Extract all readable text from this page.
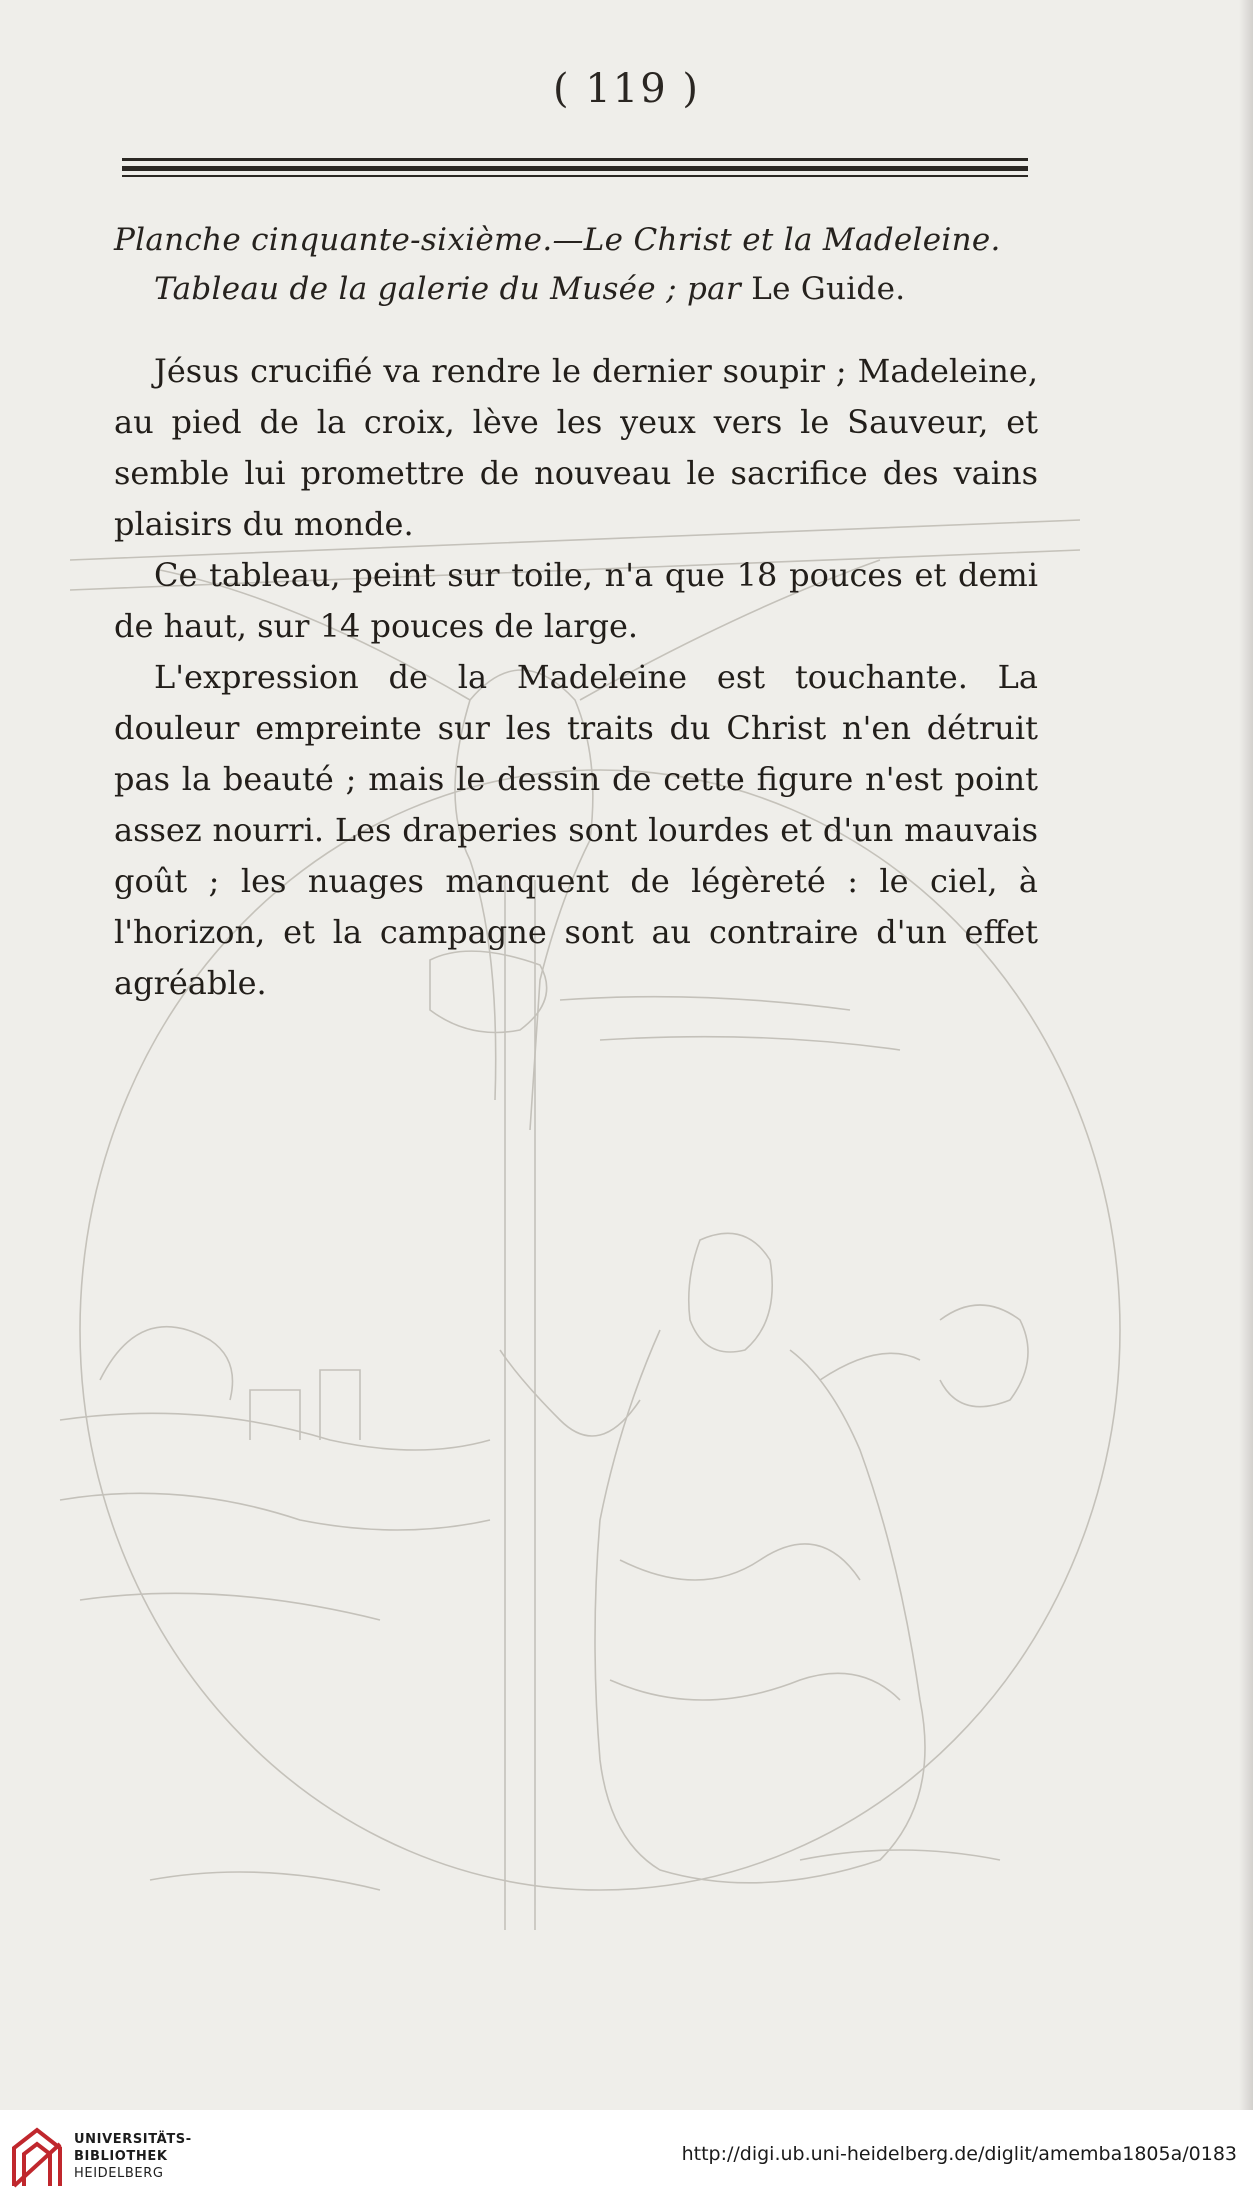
( 119 )
Planche cinquante-sixième.—Le Christ et la Madeleine.
Tableau de la galerie du Musée ; par Le Guide.

Jésus crucifié va rendre le dernier soupir ; Madeleine, au pied de la croix, lève les yeux vers le Sauveur, et semble lui promettre de nouveau le sacrifice des vains plaisirs du monde.

Ce tableau, peint sur toile, n'a que 18 pouces et demi de haut, sur 14 pouces de large.

L'expression de la Madeleine est touchante. La douleur empreinte sur les traits du Christ n'en détruit pas la beauté ; mais le dessin de cette figure n'est point assez nourri. Les draperies sont lourdes et d'un mauvais goût ; les nuages manquent de légèreté : le ciel, à l'horizon, et la campagne sont au contraire d'un effet agréable.

UNIVERSITÄTS-
BIBLIOTHEK
HEIDELBERG
http://digi.ub.uni-heidelberg.de/diglit/amemba1805a/0183
